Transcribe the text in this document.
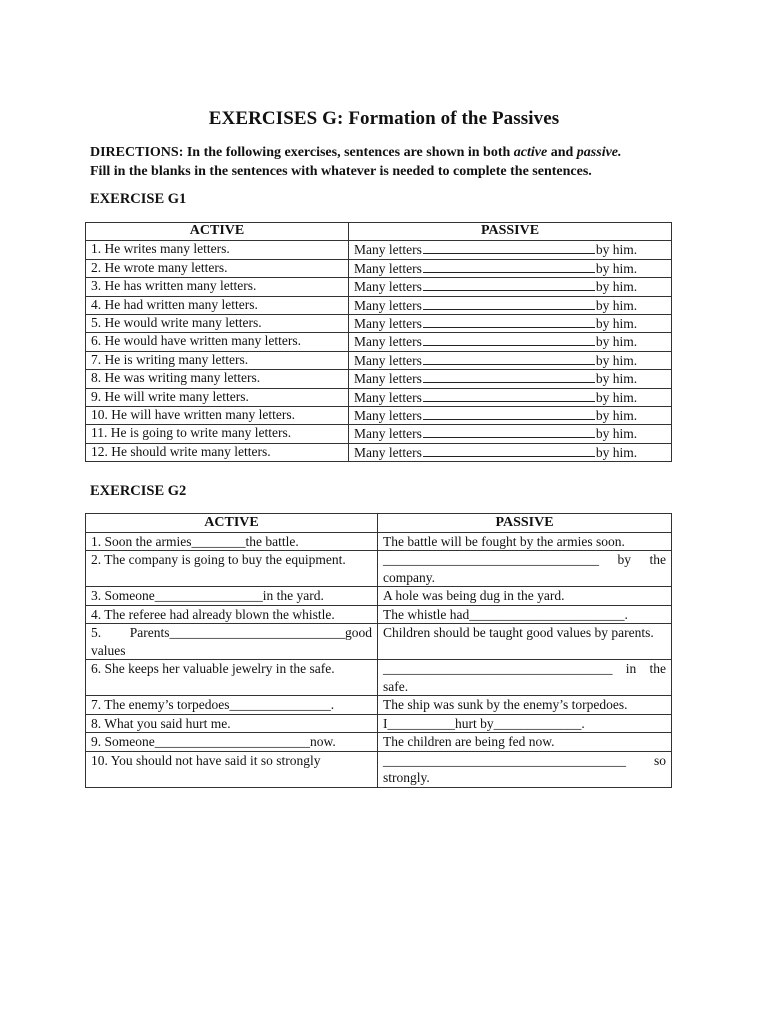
EXERCISES G: Formation of the Passives
DIRECTIONS: In the following exercises, sentences are shown in both active and passive.
Fill in the blanks in the sentences with whatever is needed to complete the sentences.
EXERCISE G1
ACTIVE	PASSIVE
1. He writes many letters.	Many letters by him.
2. He wrote many letters.	Many letters by him.
3. He has written many letters.	Many letters by him.
4. He had written many letters.	Many letters by him.
5. He would write many letters.	Many letters by him.
6. He would have written many letters.	Many letters by him.
7. He is writing many letters.	Many letters by him.
8. He was writing many letters.	Many letters by him.
9. He will write many letters.	Many letters by him.
10. He will have written many letters.	Many letters by him.
11. He is going to write many letters.	Many letters by him.
12. He should write many letters.	Many letters by him.
EXERCISE G2
ACTIVE	PASSIVE
1. Soon the armies________the battle.	The battle will be fought by the armies soon.
2. The company is going to buy the equipment.	________________________________ by the company.
3. Someone________________in the yard.	A hole was being dug in the yard.
4. The referee had already blown the whistle.	The whistle had_______________________.
5. Parents__________________________good values	Children should be taught good values by parents.
6. She keeps her valuable jewelry in the safe.	__________________________________ in the safe.
7. The enemy’s torpedoes_______________.	The ship was sunk by the enemy’s torpedoes.
8. What you said hurt me.	I__________hurt by_____________.
9. Someone_______________________now.	The children are being fed now.
10. You should not have said it so strongly	____________________________________ so strongly.
